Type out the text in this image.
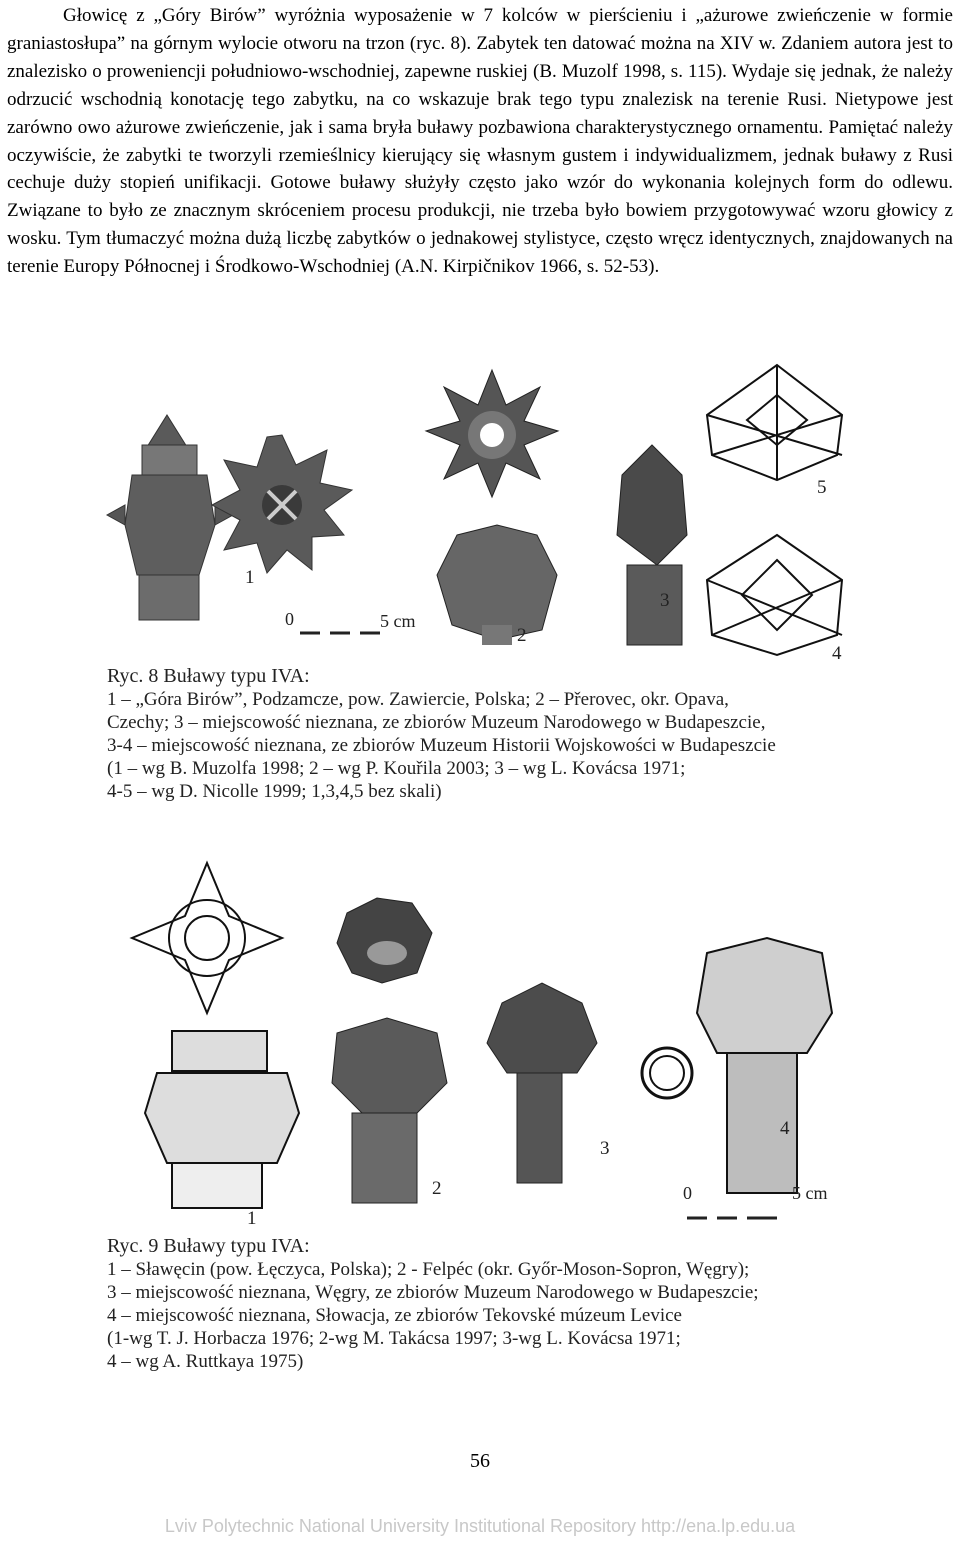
Głowicę z „Góry Birów” wyróżnia wyposażenie w 7 kolców w pierścieniu i „ażurowe zwieńczenie w formie graniastosłupa” na górnym wylocie otworu na trzon (ryc. 8). Zabytek ten datować można na XIV w. Zdaniem autora jest to znalezisko o proweniencji południowo-wschodniej, zapewne ruskiej (B. Muzolf 1998, s. 115). Wydaje się jednak, że należy odrzucić wschodnią konotację tego zabytku, na co wskazuje brak tego typu znalezisk na terenie Rusi. Nietypowe jest zarówno owo ażurowe zwieńczenie, jak i sama bryła buławy pozbawiona charakterystycznego ornamentu. Pamiętać należy oczywiście, że zabytki te tworzyli rzemieślnicy kierujący się własnym gustem i indywidualizmem, jednak buławy z Rusi cechuje duży stopień unifikacji. Gotowe buławy służyły często jako wzór do wykonania kolejnych form do odlewu. Związane to było ze znacznym skróceniem procesu produkcji, nie trzeba było bowiem przygotowywać wzoru głowicy z wosku. Tym tłumaczyć można dużą liczbę zabytków o jednakowej stylistyce, często wręcz identycznych, znajdowanych na terenie Europy Północnej i Środkowo-Wschodniej (A.N. Kirpičnikov 1966, s. 52-53).

1
2
3
4
5
0	5 cm
Ryc. 8 Buławy typu IVA:
1 – „Góra Birów”, Podzamcze, pow. Zawiercie, Polska; 2 – Přerovec, okr. Opava,
Czechy; 3 – miejscowość nieznana, ze zbiorów Muzeum Narodowego w Budapeszcie,
3-4 – miejscowość nieznana, ze zbiorów Muzeum Historii Wojskowości w Budapeszcie
(1 – wg B. Muzolfa 1998; 2 – wg P. Kouřila 2003; 3 – wg L. Kovácsa 1971;
4-5 – wg D. Nicolle 1999; 1,3,4,5 bez skali)
1
2
3
4
0	5 cm
Ryc. 9 Buławy typu IVA:
1 – Sławęcin (pow. Łęczyca, Polska); 2 - Felpéc (okr. Győr-Moson-Sopron, Węgry);
3 – miejscowość nieznana, Węgry, ze zbiorów Muzeum Narodowego w Budapeszcie;
4 – miejscowość nieznana, Słowacja, ze zbiorów Tekovské múzeum Levice
(1-wg T. J. Horbacza 1976; 2-wg M. Takácsa 1997; 3-wg L. Kovácsa 1971;
4 – wg A. Ruttkaya 1975)
56
Lviv Polytechnic National University Institutional Repository http://ena.lp.edu.ua
